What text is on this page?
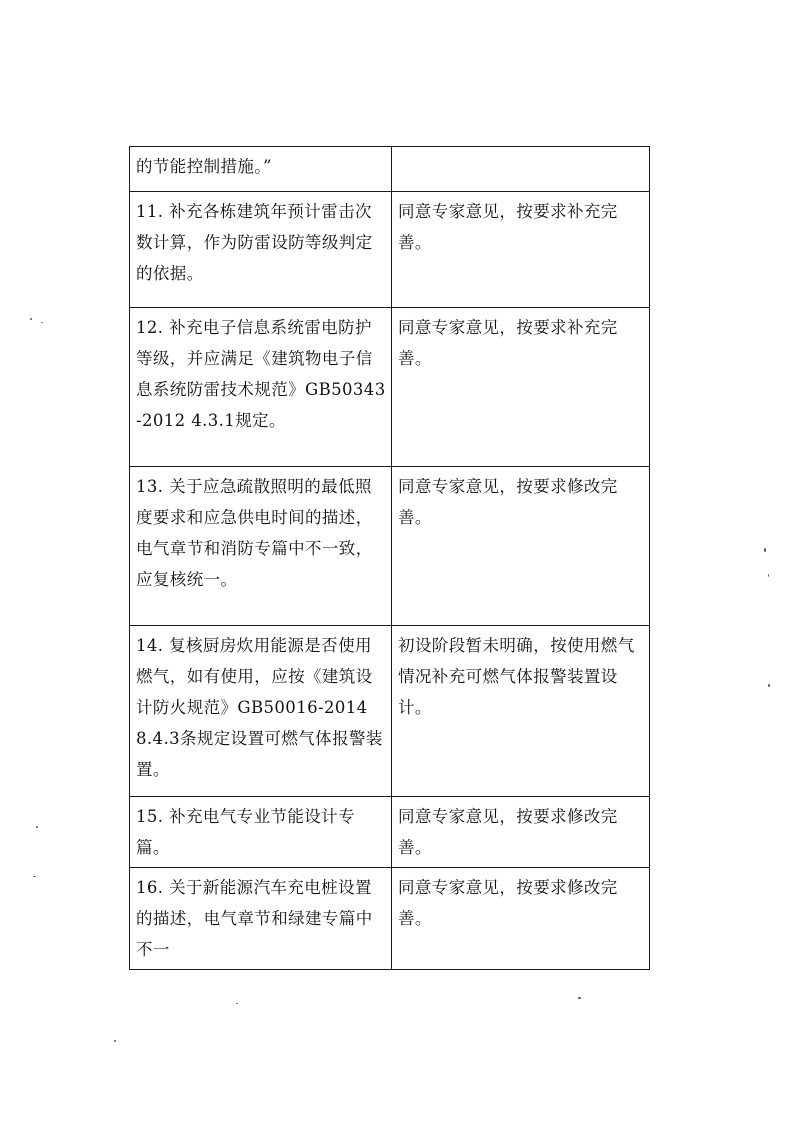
的节能控制措施。”	

11. 补充各栋建筑年预计雷击次数计算，作为防雷设防等级判定的依据。	同意专家意见，按要求补充完善。

12. 补充电子信息系统雷电防护等级，并应满足《建筑物电子信息系统防雷技术规范》GB50343-2012 4.3.1规定。	同意专家意见，按要求补充完善。

13. 关于应急疏散照明的最低照度要求和应急供电时间的描述，电气章节和消防专篇中不一致，应复核统一。	同意专家意见，按要求修改完善。

14. 复核厨房炊用能源是否使用燃气，如有使用，应按《建筑设计防火规范》GB50016-2014　8.4.3条规定设置可燃气体报警装置。	初设阶段暂未明确，按使用燃气情况补充可燃气体报警装置设计。

15. 补充电气专业节能设计专篇。	同意专家意见，按要求修改完善。

16. 关于新能源汽车充电桩设置的描述，电气章节和绿建专篇中不一	同意专家意见，按要求修改完善。
